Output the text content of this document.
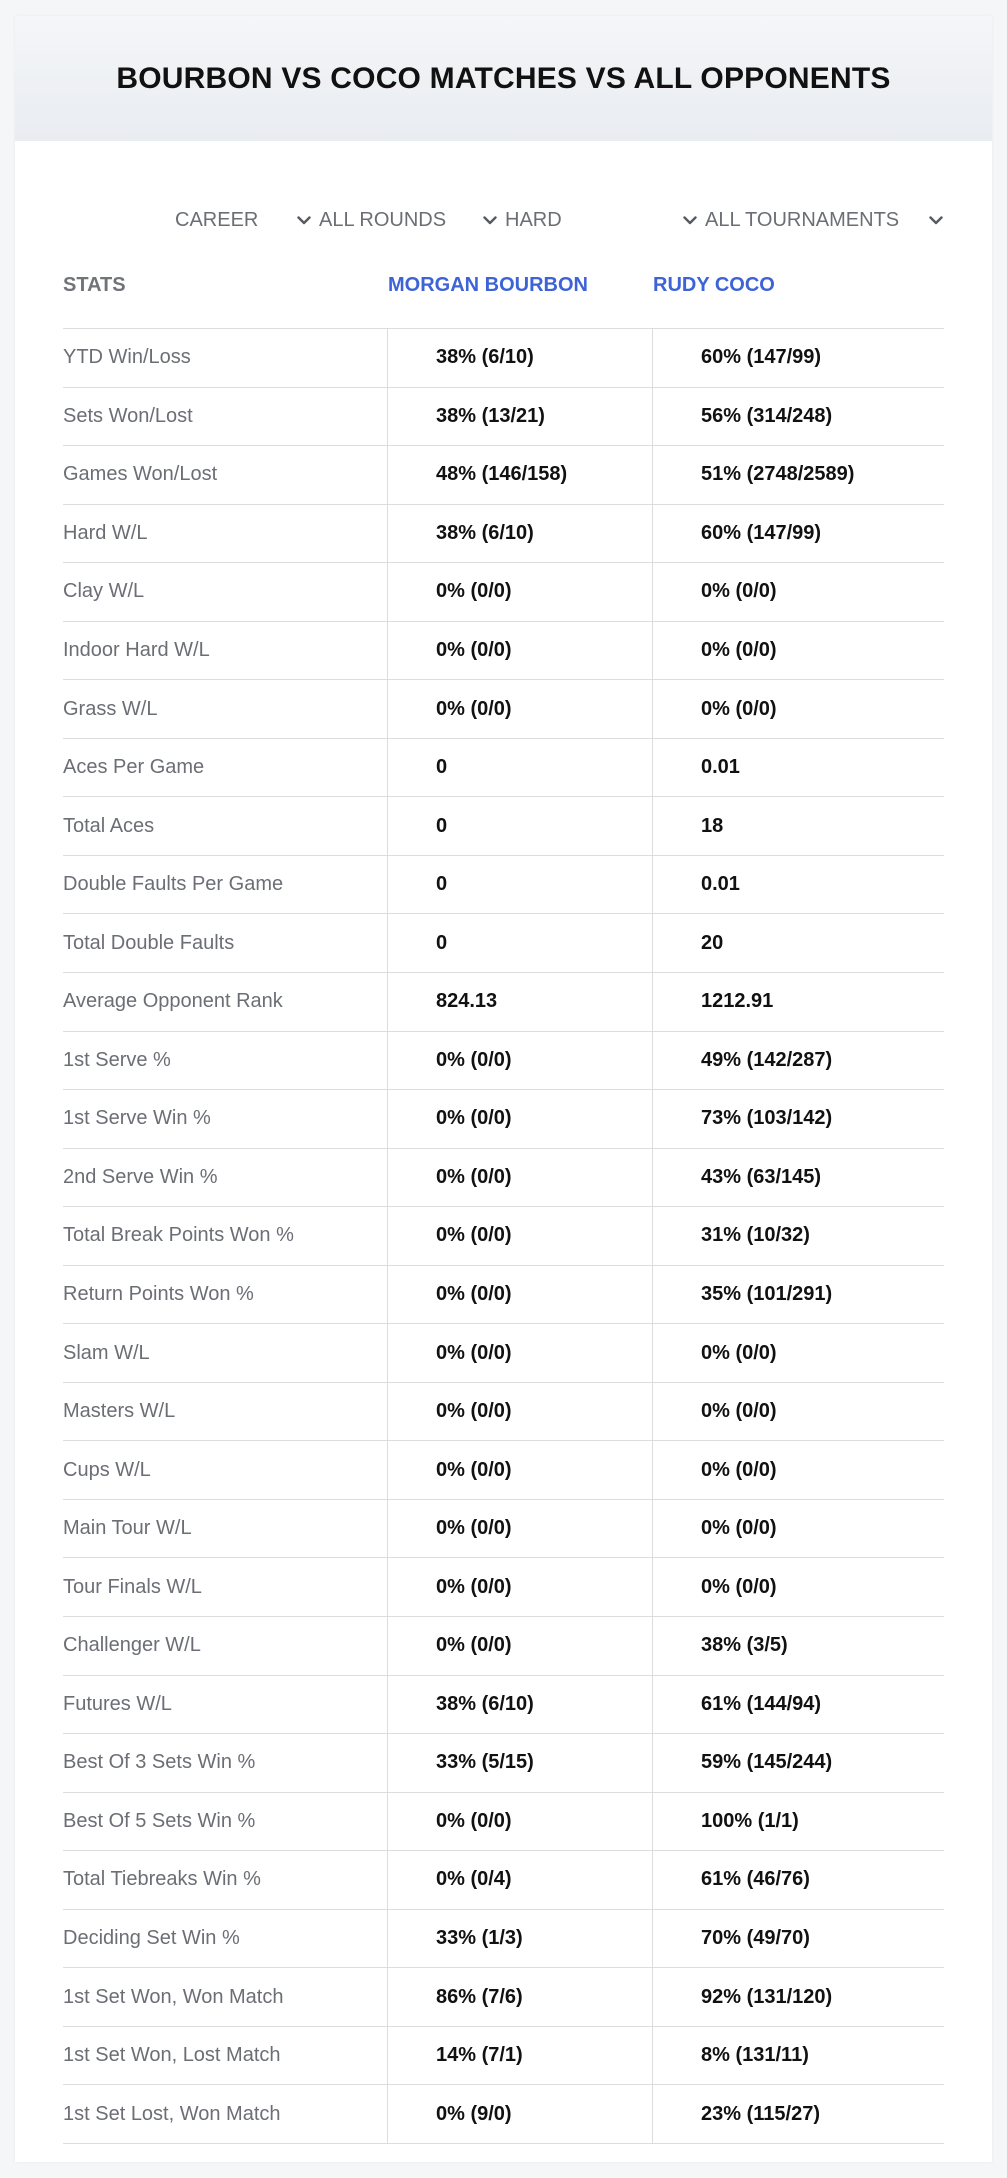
BOURBON VS COCO MATCHES VS ALL OPPONENTS
CAREER	ALL ROUNDS	HARD	ALL TOURNAMENTS
STATS	MORGAN BOURBON	RUDY COCO
YTD Win/Loss	38% (6/10)	60% (147/99)
Sets Won/Lost	38% (13/21)	56% (314/248)
Games Won/Lost	48% (146/158)	51% (2748/2589)
Hard W/L	38% (6/10)	60% (147/99)
Clay W/L	0% (0/0)	0% (0/0)
Indoor Hard W/L	0% (0/0)	0% (0/0)
Grass W/L	0% (0/0)	0% (0/0)
Aces Per Game	0	0.01
Total Aces	0	18
Double Faults Per Game	0	0.01
Total Double Faults	0	20
Average Opponent Rank	824.13	1212.91
1st Serve %	0% (0/0)	49% (142/287)
1st Serve Win %	0% (0/0)	73% (103/142)
2nd Serve Win %	0% (0/0)	43% (63/145)
Total Break Points Won %	0% (0/0)	31% (10/32)
Return Points Won %	0% (0/0)	35% (101/291)
Slam W/L	0% (0/0)	0% (0/0)
Masters W/L	0% (0/0)	0% (0/0)
Cups W/L	0% (0/0)	0% (0/0)
Main Tour W/L	0% (0/0)	0% (0/0)
Tour Finals W/L	0% (0/0)	0% (0/0)
Challenger W/L	0% (0/0)	38% (3/5)
Futures W/L	38% (6/10)	61% (144/94)
Best Of 3 Sets Win %	33% (5/15)	59% (145/244)
Best Of 5 Sets Win %	0% (0/0)	100% (1/1)
Total Tiebreaks Win %	0% (0/4)	61% (46/76)
Deciding Set Win %	33% (1/3)	70% (49/70)
1st Set Won, Won Match	86% (7/6)	92% (131/120)
1st Set Won, Lost Match	14% (7/1)	8% (131/11)
1st Set Lost, Won Match	0% (9/0)	23% (115/27)
